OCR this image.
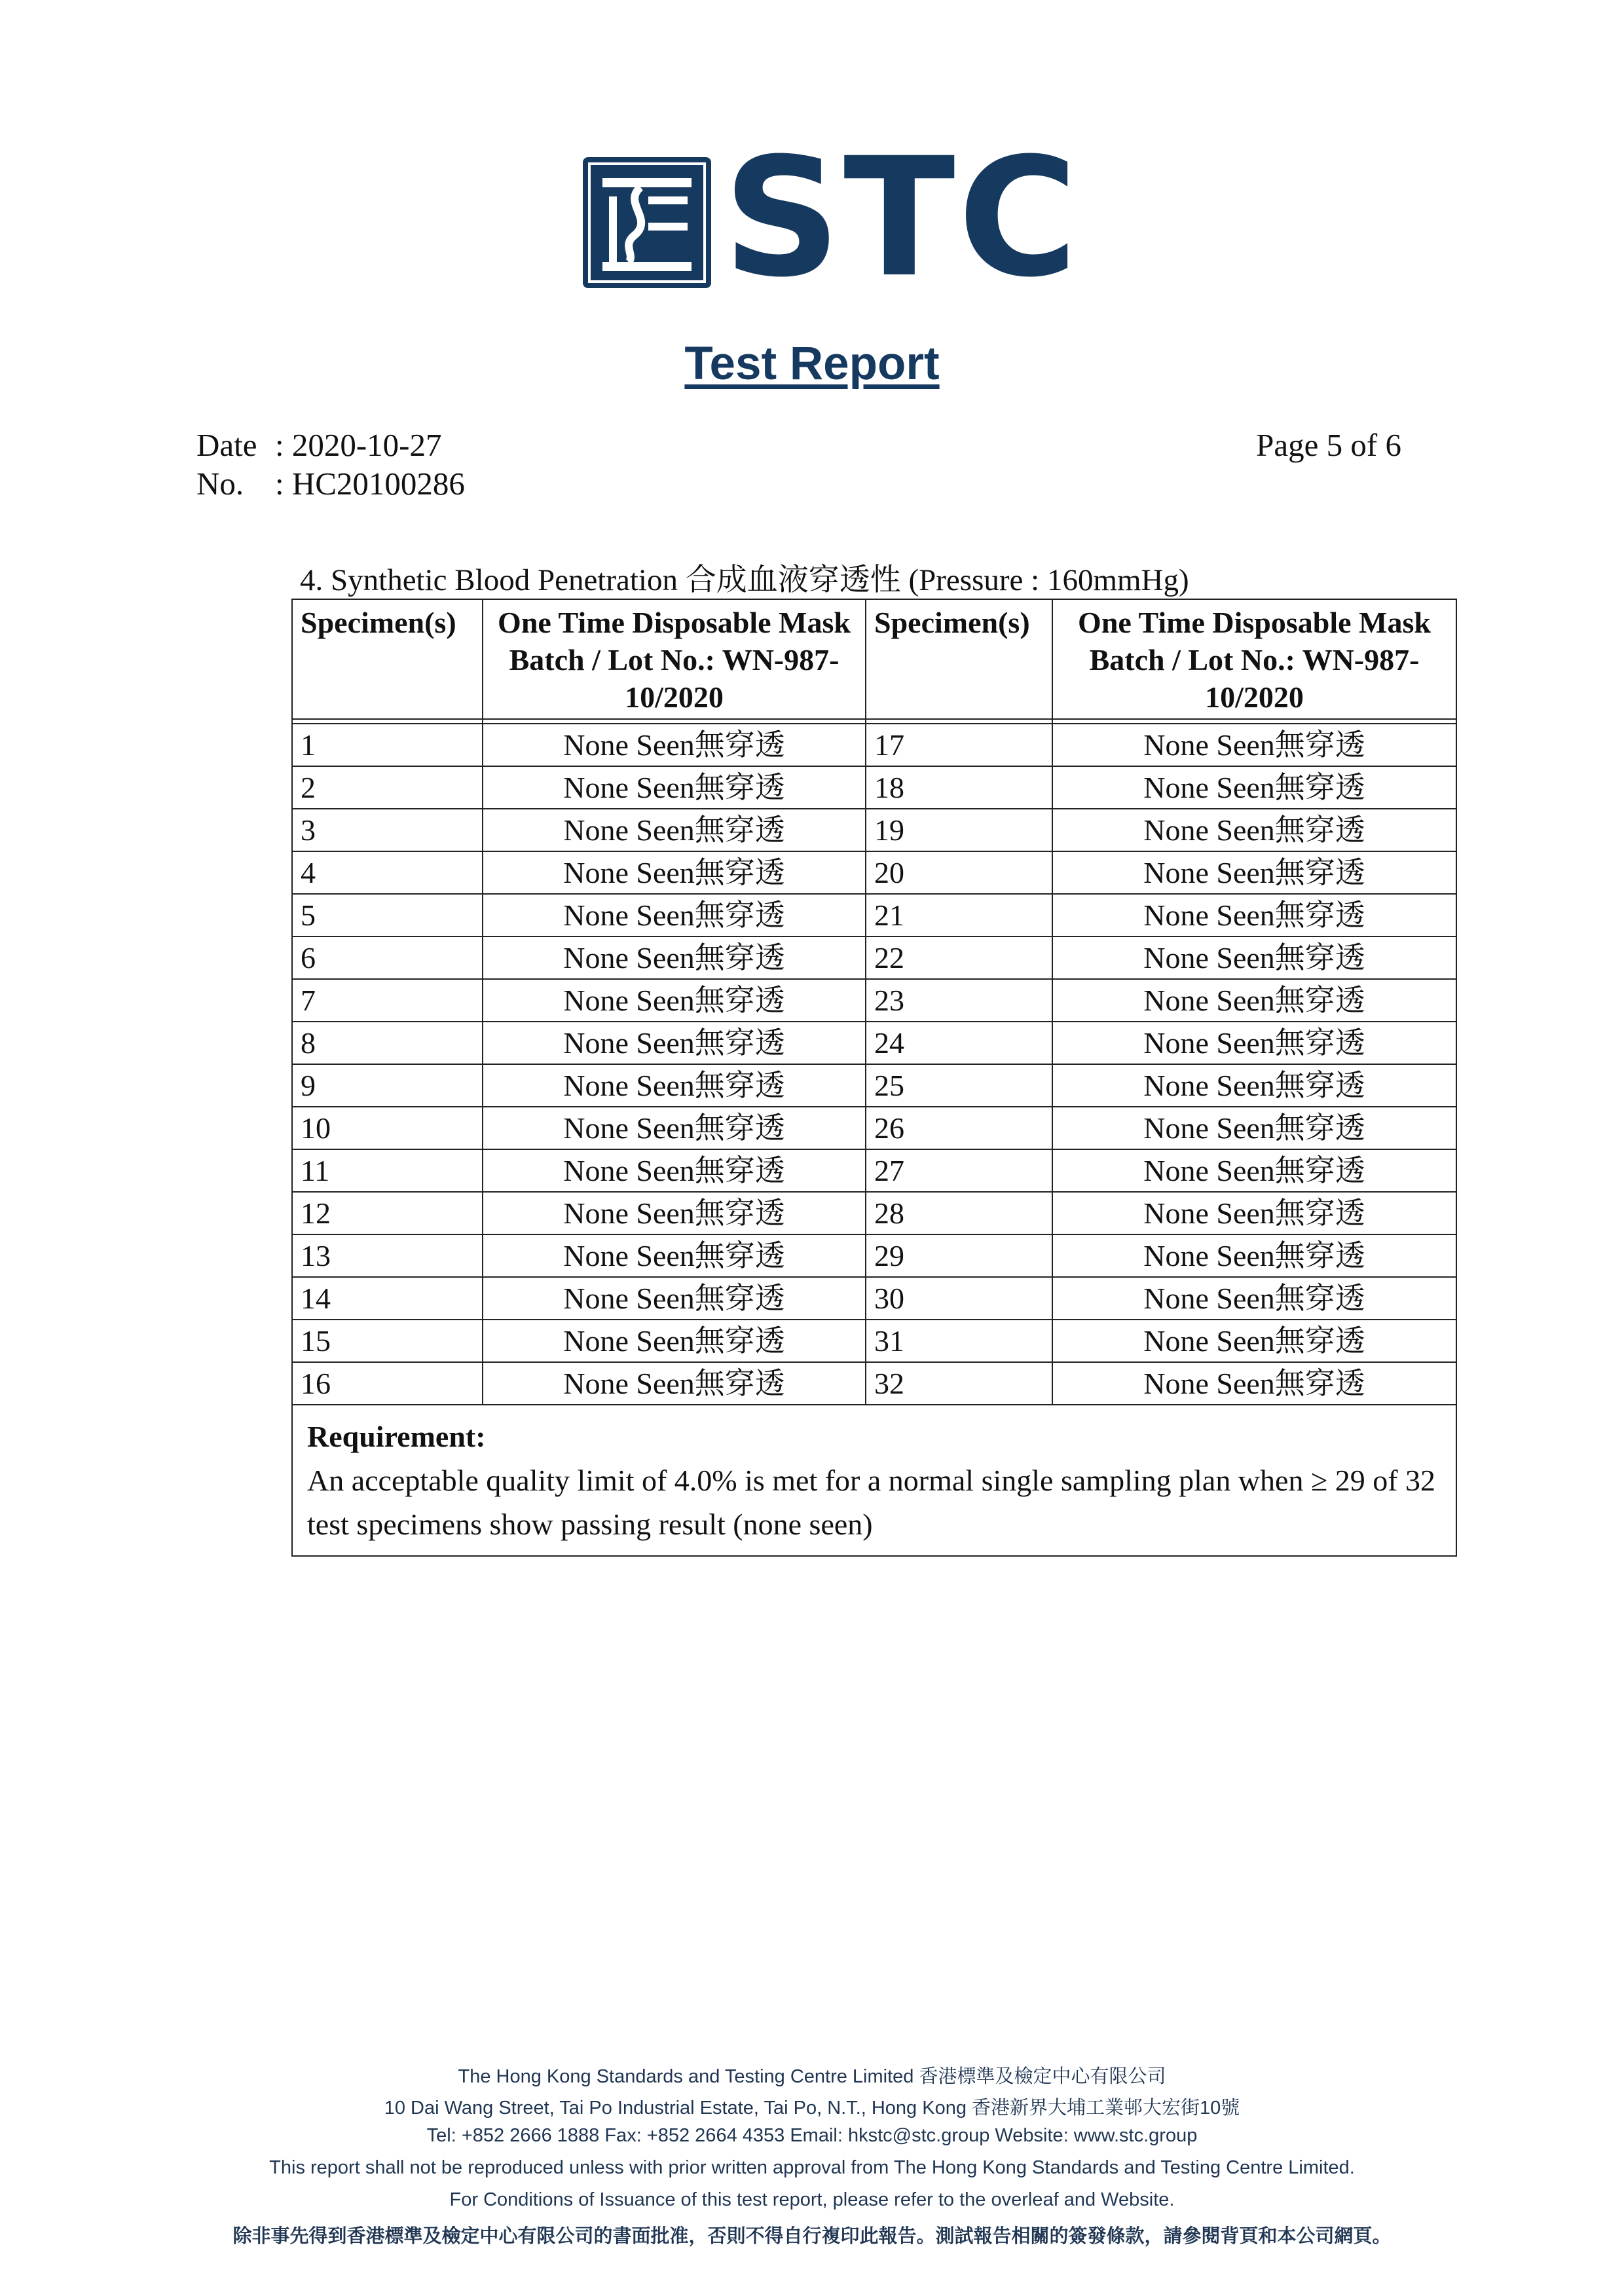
STC
Test Report
Date : 2020-10-27
No. : HC20100286
Page 5 of 6
4. Synthetic Blood Penetration 合成血液穿透性 (Pressure : 160mmHg)
Specimen(s)	One Time Disposable Mask
Batch / Lot No.: WN-987-
10/2020	Specimen(s)	One Time Disposable Mask
Batch / Lot No.: WN-987-
10/2020

1	None Seen無穿透	17	None Seen無穿透
2	None Seen無穿透	18	None Seen無穿透
3	None Seen無穿透	19	None Seen無穿透
4	None Seen無穿透	20	None Seen無穿透
5	None Seen無穿透	21	None Seen無穿透
6	None Seen無穿透	22	None Seen無穿透
7	None Seen無穿透	23	None Seen無穿透
8	None Seen無穿透	24	None Seen無穿透
9	None Seen無穿透	25	None Seen無穿透
10	None Seen無穿透	26	None Seen無穿透
11	None Seen無穿透	27	None Seen無穿透
12	None Seen無穿透	28	None Seen無穿透
13	None Seen無穿透	29	None Seen無穿透
14	None Seen無穿透	30	None Seen無穿透
15	None Seen無穿透	31	None Seen無穿透
16	None Seen無穿透	32	None Seen無穿透

Requirement:
An acceptable quality limit of 4.0% is met for a normal single sampling plan when ≥ 29 of 32 test specimens show passing result (none seen)			
The Hong Kong Standards and Testing Centre Limited 香港標準及檢定中心有限公司
10 Dai Wang Street, Tai Po Industrial Estate, Tai Po, N.T., Hong Kong 香港新界大埔工業邨大宏街10號
Tel: +852 2666 1888 Fax: +852 2664 4353 Email: hkstc@stc.group Website: www.stc.group
This report shall not be reproduced unless with prior written approval from The Hong Kong Standards and Testing Centre Limited.
For Conditions of Issuance of this test report, please refer to the overleaf and Website.
除非事先得到香港標準及檢定中心有限公司的書面批准，否則不得自行複印此報告。測試報告相關的簽發條款，請參閱背頁和本公司網頁。
